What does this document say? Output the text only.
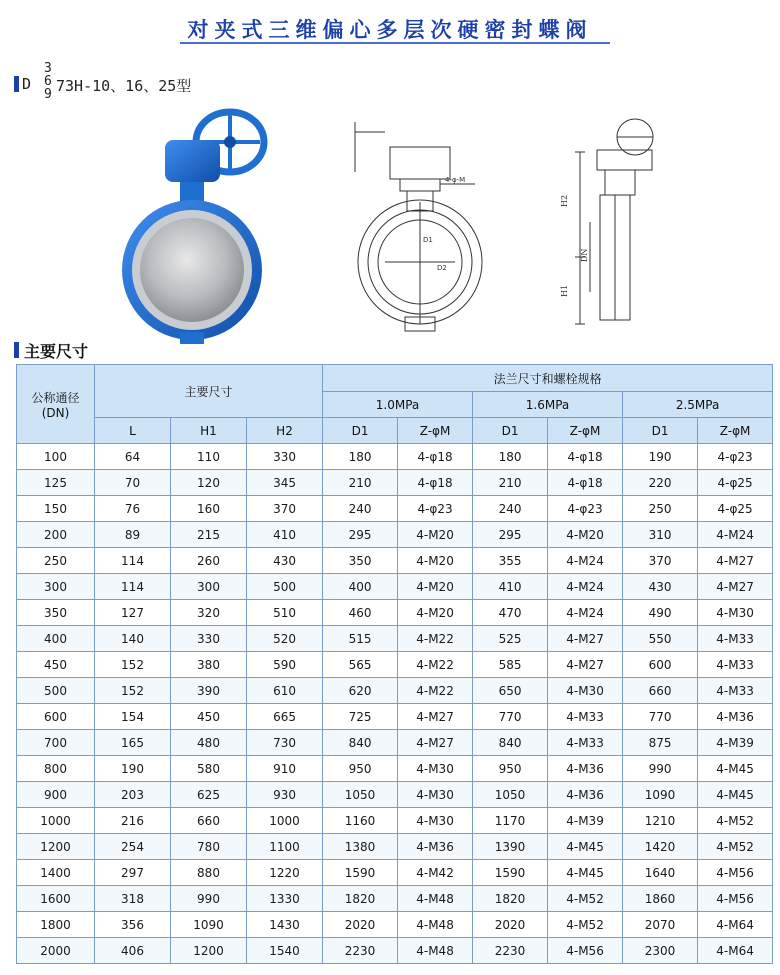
对夹式三维偏心多层次硬密封蝶阀
D
3
6
9 73H-10、16、25型
4-φ-M
D1
D2
H2
DN
H1
主要尺寸
公称通径
(DN)	主要尺寸			法兰尺寸和螺栓规格					
				1.0MPa		1.6MPa		2.5MPa	
	L	H1	H2	D1	Z-φM	D1	Z-φM	D1	Z-φM
100	64	110	330	180	4-φ18	180	4-φ18	190	4-φ23
125	70	120	345	210	4-φ18	210	4-φ18	220	4-φ25
150	76	160	370	240	4-φ23	240	4-φ23	250	4-φ25
200	89	215	410	295	4-M20	295	4-M20	310	4-M24
250	114	260	430	350	4-M20	355	4-M24	370	4-M27
300	114	300	500	400	4-M20	410	4-M24	430	4-M27
350	127	320	510	460	4-M20	470	4-M24	490	4-M30
400	140	330	520	515	4-M22	525	4-M27	550	4-M33
450	152	380	590	565	4-M22	585	4-M27	600	4-M33
500	152	390	610	620	4-M22	650	4-M30	660	4-M33
600	154	450	665	725	4-M27	770	4-M33	770	4-M36
700	165	480	730	840	4-M27	840	4-M33	875	4-M39
800	190	580	910	950	4-M30	950	4-M36	990	4-M45
900	203	625	930	1050	4-M30	1050	4-M36	1090	4-M45
1000	216	660	1000	1160	4-M30	1170	4-M39	1210	4-M52
1200	254	780	1100	1380	4-M36	1390	4-M45	1420	4-M52
1400	297	880	1220	1590	4-M42	1590	4-M45	1640	4-M56
1600	318	990	1330	1820	4-M48	1820	4-M52	1860	4-M56
1800	356	1090	1430	2020	4-M48	2020	4-M52	2070	4-M64
2000	406	1200	1540	2230	4-M48	2230	4-M56	2300	4-M64
